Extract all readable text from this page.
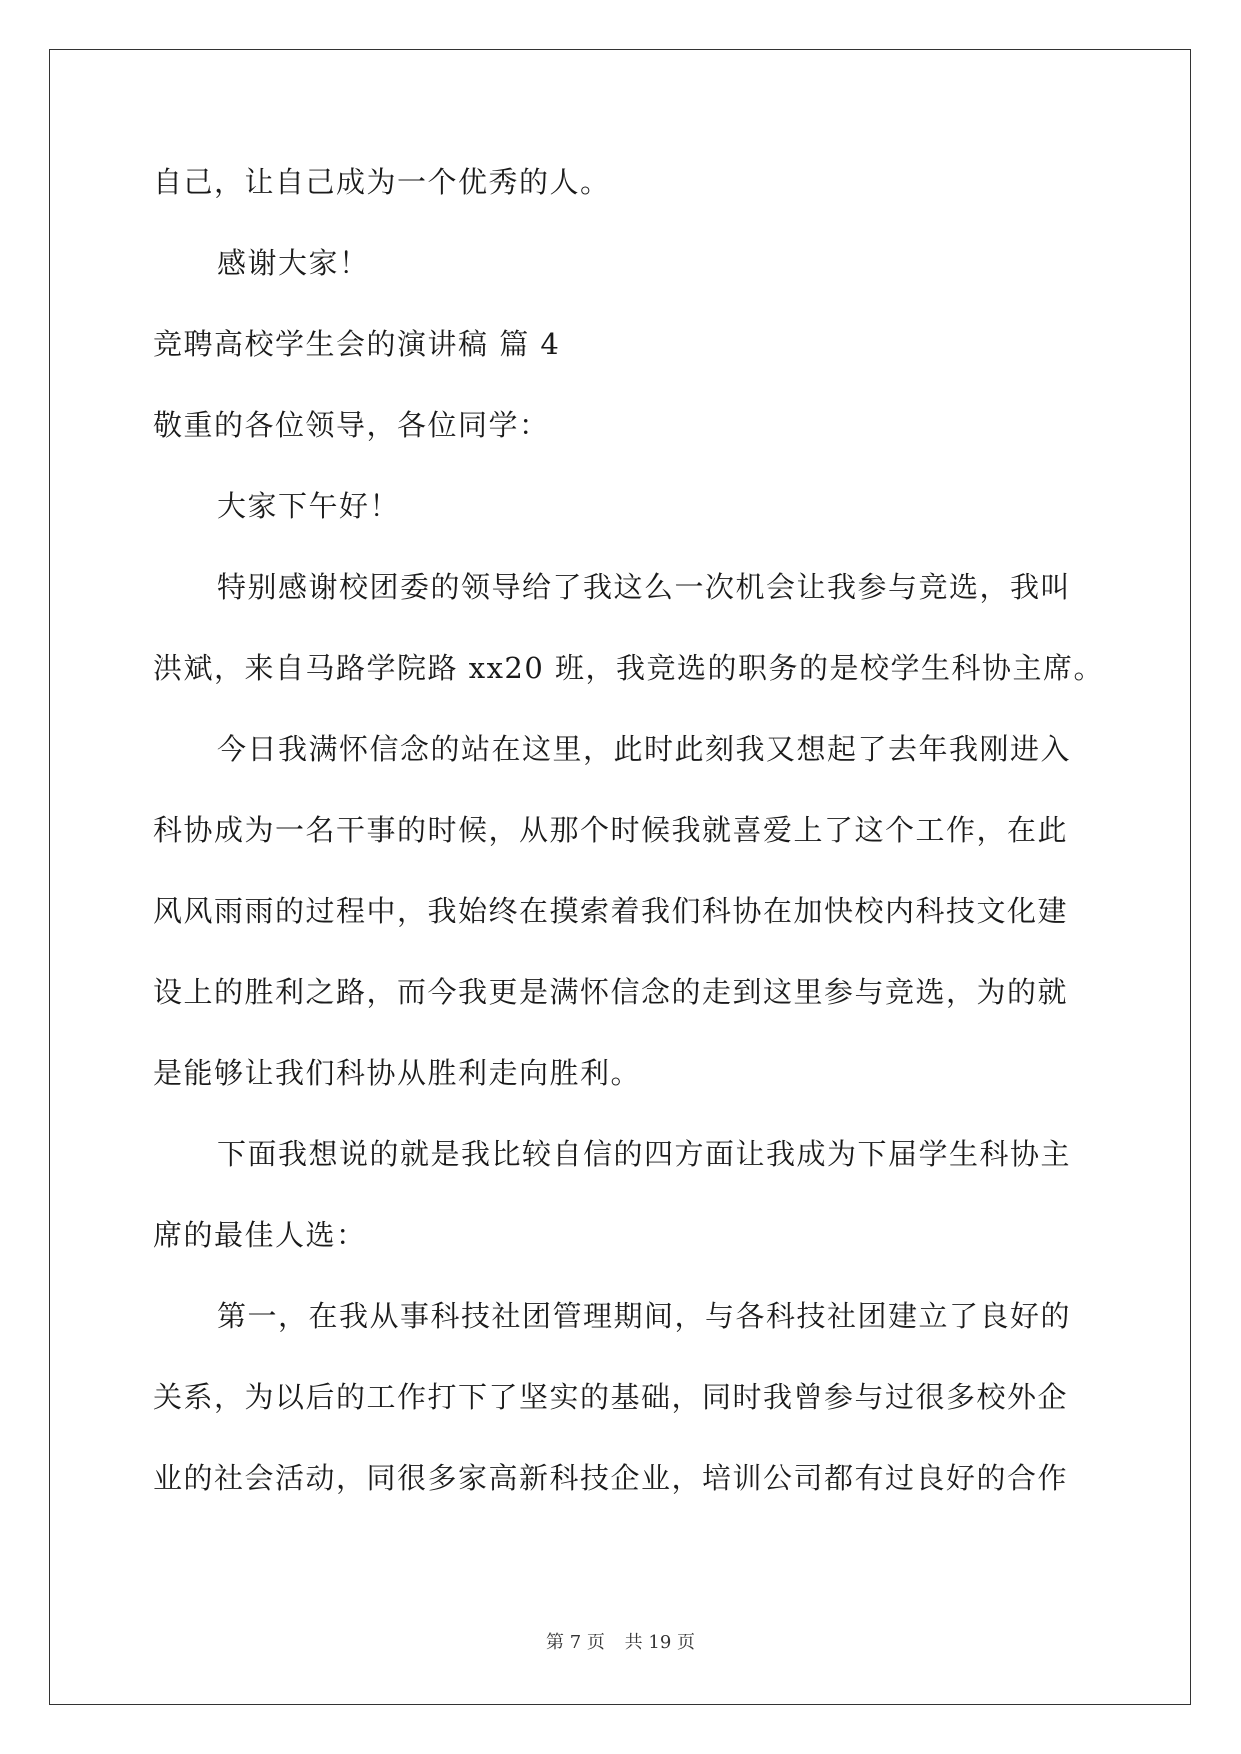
自己，让自己成为一个优秀的人。
感谢大家！
竞聘高校学生会的演讲稿 篇 4
敬重的各位领导，各位同学：
大家下午好！
特别感谢校团委的领导给了我这么一次机会让我参与竞选，我叫
洪斌，来自马路学院路 xx20 班，我竞选的职务的是校学生科协主席。
今日我满怀信念的站在这里，此时此刻我又想起了去年我刚进入
科协成为一名干事的时候，从那个时候我就喜爱上了这个工作，在此
风风雨雨的过程中，我始终在摸索着我们科协在加快校内科技文化建
设上的胜利之路，而今我更是满怀信念的走到这里参与竞选，为的就
是能够让我们科协从胜利走向胜利。
下面我想说的就是我比较自信的四方面让我成为下届学生科协主
席的最佳人选：
第一，在我从事科技社团管理期间，与各科技社团建立了良好的
关系，为以后的工作打下了坚实的基础，同时我曾参与过很多校外企
业的社会活动，同很多家高新科技企业，培训公司都有过良好的合作
第 7 页 共 19 页
